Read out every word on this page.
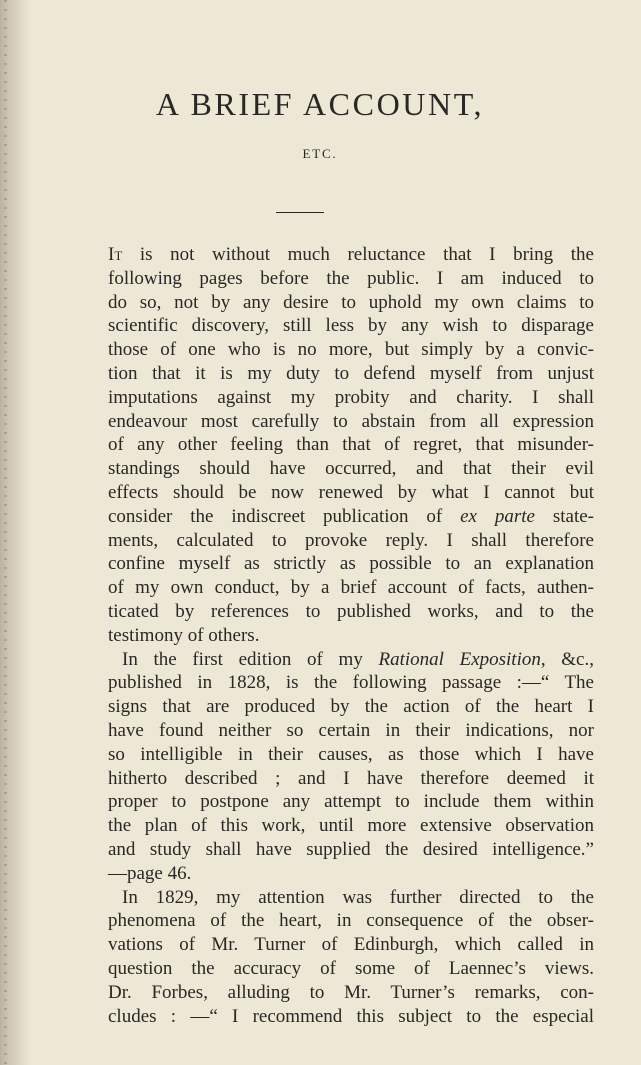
A BRIEF ACCOUNT,
ETC.
It is not without much reluctance that I bring the
following pages before the public. I am induced to
do so, not by any desire to uphold my own claims to
scientific discovery, still less by any wish to disparage
those of one who is no more, but simply by a convic-
tion that it is my duty to defend myself from unjust
imputations against my probity and charity. I shall
endeavour most carefully to abstain from all expression
of any other feeling than that of regret, that misunder-
standings should have occurred, and that their evil
effects should be now renewed by what I cannot but
consider the indiscreet publication of ex parte state-
ments, calculated to provoke reply. I shall therefore
confine myself as strictly as possible to an explanation
of my own conduct, by a brief account of facts, authen-
ticated by references to published works, and to the
testimony of others.
In the first edition of my Rational Exposition, &c.,
published in 1828, is the following passage :—“ The
signs that are produced by the action of the heart I
have found neither so certain in their indications, nor
so intelligible in their causes, as those which I have
hitherto described ; and I have therefore deemed it
proper to postpone any attempt to include them within
the plan of this work, until more extensive observation
and study shall have supplied the desired intelligence.”
—page 46.
In 1829, my attention was further directed to the
phenomena of the heart, in consequence of the obser-
vations of Mr. Turner of Edinburgh, which called in
question the accuracy of some of Laennec’s views.
Dr. Forbes, alluding to Mr. Turner’s remarks, con-
cludes : —“ I recommend this subject to the especial
